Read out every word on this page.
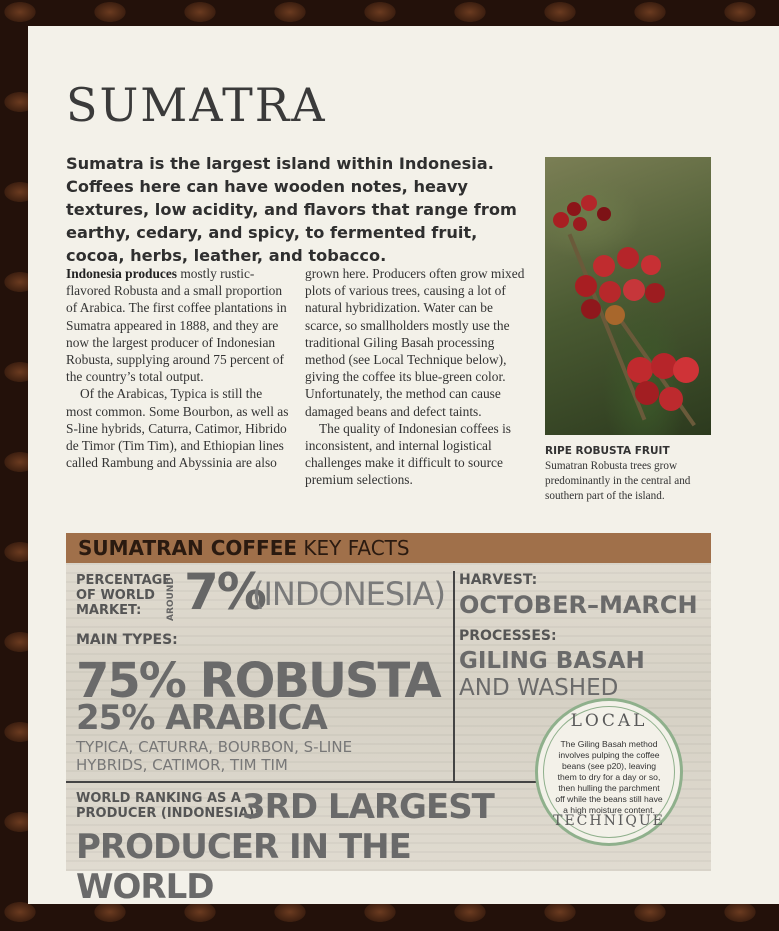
SUMATRA

Sumatra is the largest island within Indonesia. Coffees here can have wooden notes, heavy textures, low acidity, and flavors that range from earthy, cedary, and spicy, to fermented fruit, cocoa, herbs, leather, and tobacco.

Indonesia produces mostly rustic-flavored Robusta and a small proportion of Arabica. The first coffee plantations in Sumatra appeared in 1888, and they are now the largest producer of Indonesian Robusta, supplying around 75 percent of the country’s total output.

Of the Arabicas, Typica is still the most common. Some Bourbon, as well as S-line hybrids, Caturra, Catimor, Hibrido de Timor (Tim Tim), and Ethiopian lines called Rambung and Abyssinia are also

grown here. Producers often grow mixed plots of various trees, causing a lot of natural hybridization. Water can be scarce, so smallholders mostly use the traditional Giling Basah processing method (see Local Technique below), giving the coffee its blue-green color. Unfortunately, the method can cause damaged beans and defect taints.

The quality of Indonesian coffees is inconsistent, and internal logistical challenges make it difficult to source premium selections.

RIPE ROBUSTA FRUIT

Sumatran Robusta trees grow predominantly in the central and southern part of the island.

SUMATRAN COFFEE KEY FACTS
PERCENTAGE
OF WORLD
MARKET:	AROUND 7%
(INDONESIA)
MAIN TYPES:
75% ROBUSTA
25% ARABICA
TYPICA, CATURRA, BOURBON, S-LINE HYBRIDS, CATIMOR, TIM TIM
HARVEST:
OCTOBER–MARCH
PROCESSES:
GILING BASAH AND WASHED
WORLD RANKING AS A
PRODUCER (INDONESIA):
3RD LARGEST
PRODUCER IN THE WORLD
LOCAL
The Giling Basah method involves pulping the coffee beans (see p20), leaving them to dry for a day or so, then hulling the parchment off while the beans still have a high moisture content.
TECHNIQUE
